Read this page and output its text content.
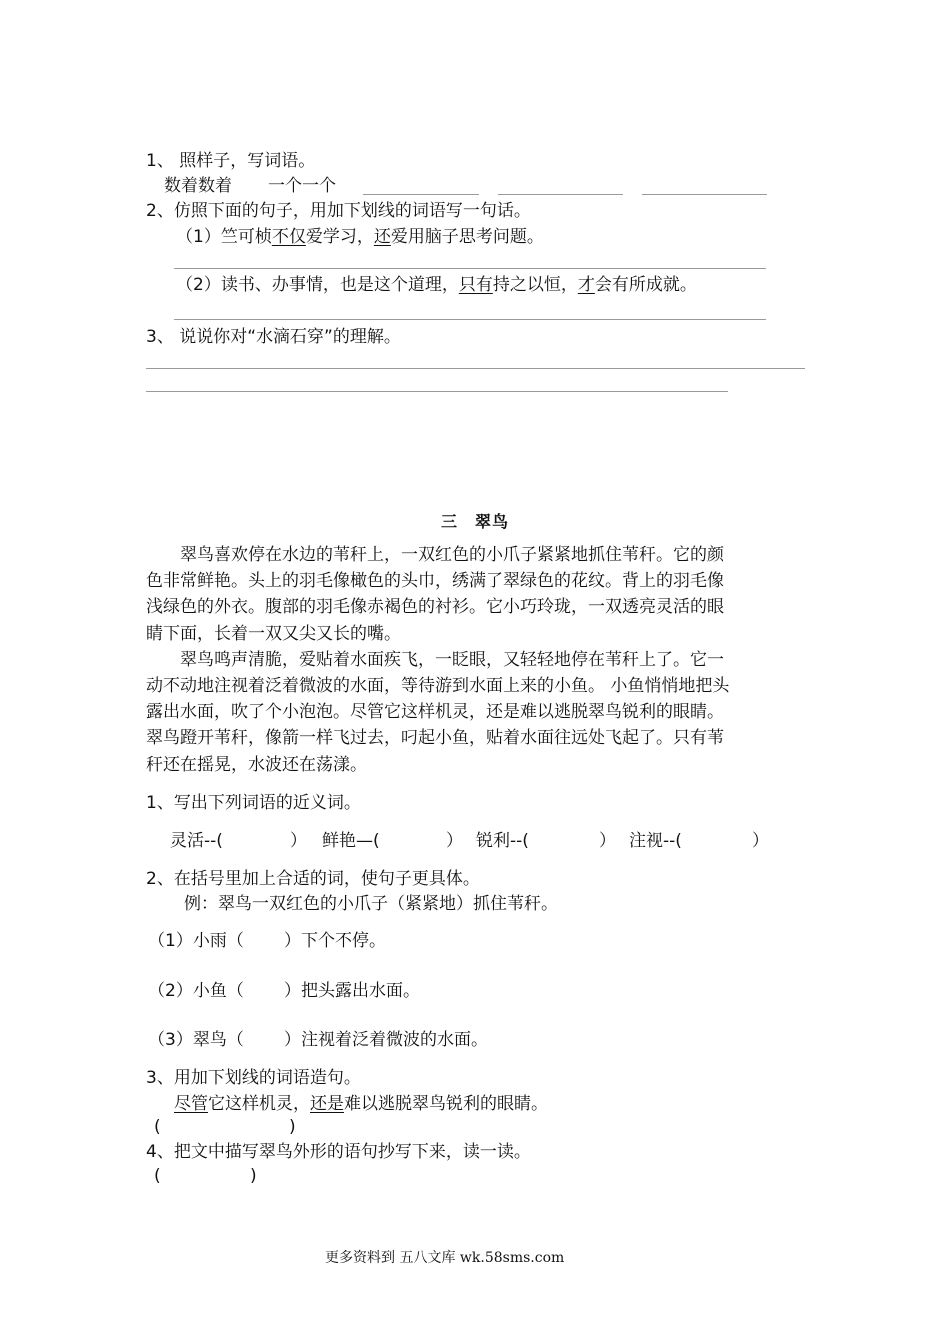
1、 照样子，写词语。
数着数着 一个一个
2、仿照下面的句子，用加下划线的词语写一句话。
（1）竺可桢不仅爱学习，还爱用脑子思考问题。
（2）读书、办事情，也是这个道理，只有持之以恒，才会有所成就。
3、 说说你对“水滴石穿”的理解。
三　翠鸟
　　翠鸟喜欢停在水边的苇秆上，一双红色的小爪子紧紧地抓住苇秆。它的颜
色非常鲜艳。头上的羽毛像橄色的头巾，绣满了翠绿色的花纹。背上的羽毛像
浅绿色的外衣。腹部的羽毛像赤褐色的衬衫。它小巧玲珑，一双透亮灵活的眼
睛下面，长着一双又尖又长的嘴。
　　翠鸟鸣声清脆，爱贴着水面疾飞，一眨眼，又轻轻地停在苇秆上了。它一
动不动地注视着泛着微波的水面，等待游到水面上来的小鱼。 小鱼悄悄地把头
露出水面，吹了个小泡泡。尽管它这样机灵，还是难以逃脱翠鸟锐利的眼睛。
翠鸟蹬开苇秆，像箭一样飞过去，叼起小鱼，贴着水面往远处飞起了。只有苇
秆还在摇晃，水波还在荡漾。
1、写出下列词语的近义词。
灵活--(	） 鲜艳—(	） 锐利--(	） 注视--(	）
2、在括号里加上合适的词，使句子更具体。
例：翠鸟一双红色的小爪子（紧紧地）抓住苇秆。
（1）小雨（ ）下个不停。
（2）小鱼（ ）把头露出水面。
（3）翠鸟（ ）注视着泛着微波的水面。
3、用加下划线的词语造句。
尽管它这样机灵，还是难以逃脱翠鸟锐利的眼睛。
(	)
4、把文中描写翠鸟外形的语句抄写下来，读一读。
(	)
更多资料到 五八文库 wk.58sms.com
